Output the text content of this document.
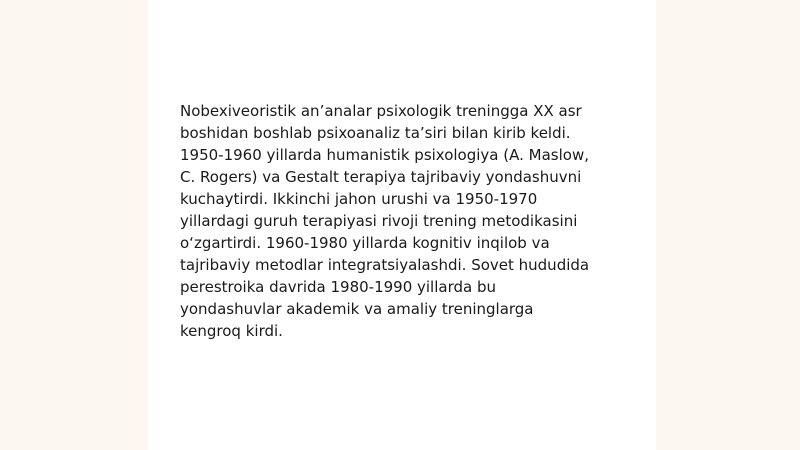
Nobexiveoristik an’analar psixologik treningga XX asr
boshidan boshlab psixoanaliz ta’siri bilan kirib keldi.
1950-1960 yillarda humanistik psixologiya (A. Maslow,
C. Rogers) va Gestalt terapiya tajribaviy yondashuvni
kuchaytirdi. Ikkinchi jahon urushi va 1950-1970
yillardagi guruh terapiyasi rivoji trening metodikasini
o‘zgartirdi. 1960-1980 yillarda kognitiv inqilob va
tajribaviy metodlar integratsiyalashdi. Sovet hududida
perestroika davrida 1980-1990 yillarda bu
yondashuvlar akademik va amaliy treninglarga
kengroq kirdi.
